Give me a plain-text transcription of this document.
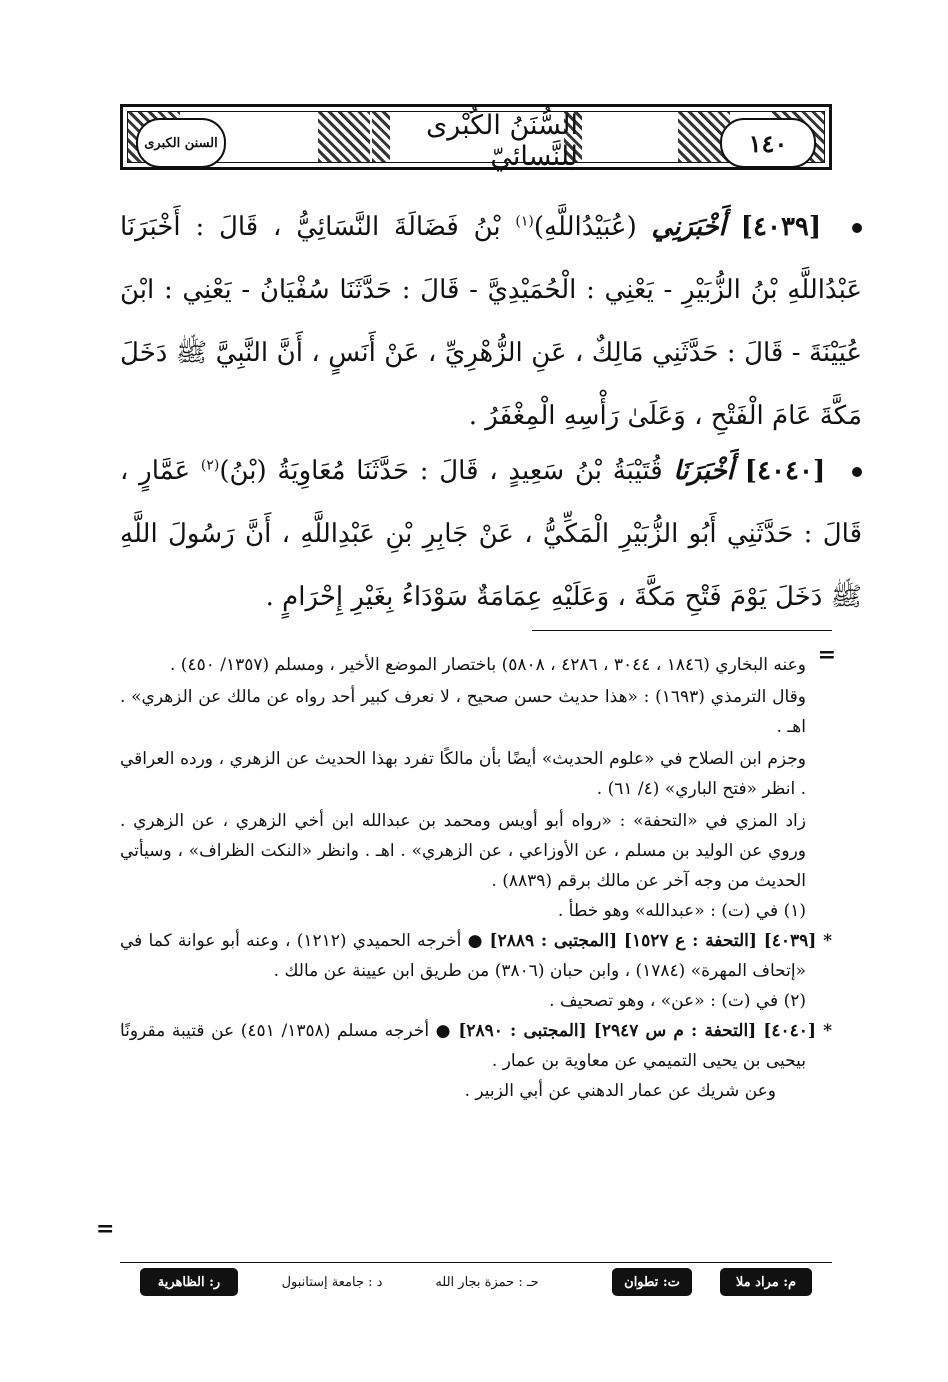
السنن الكبرى
السُّنَنُ الكُبْرى لِلنَّسائيّ	١٤٠
[٤٠٣٩] أَخْبَرَنِي (عُبَيْدُاللَّهِ)$^{(١)}$ بْنُ فَضَالَةَ النَّسَائِيُّ ، قَالَ : أَخْبَرَنَا عَبْدُاللَّهِ بْنُ الزُّبَيْرِ - يَعْنِي : الْحُمَيْدِيَّ - قَالَ : حَدَّثَنَا سُفْيَانُ - يَعْنِي : ابْنَ عُيَيْنَةَ - قَالَ : حَدَّثَنِي مَالِكٌ ، عَنِ الزُّهْرِيِّ ، عَنْ أَنَسٍ ، أَنَّ النَّبِيَّ ﷺ دَخَلَ مَكَّةَ عَامَ الْفَتْحِ ، وَعَلَىٰ رَأْسِهِ الْمِغْفَرُ .
[٤٠٤٠] أَخْبَرَنَا قُتَيْبَةُ بْنُ سَعِيدٍ ، قَالَ : حَدَّثَنَا مُعَاوِيَةُ (بْنُ)$^{(٢)}$ عَمَّارٍ ، قَالَ : حَدَّثَنِي أَبُو الزُّبَيْرِ الْمَكِّيُّ ، عَنْ جَابِرِ بْنِ عَبْدِاللَّهِ ، أَنَّ رَسُولَ اللَّهِ ﷺ دَخَلَ يَوْمَ فَتْحِ مَكَّةَ ، وَعَلَيْهِ عِمَامَةٌ سَوْدَاءُ بِغَيْرِ إِحْرَامٍ .
=

وعنه البخاري (١٨٤٦ ، ٣٠٤٤ ، ٤٢٨٦ ، ٥٨٠٨) باختصار الموضع الأخير ، ومسلم (١٣٥٧/ ٤٥٠) .

وقال الترمذي (١٦٩٣) : «هذا حديث حسن صحيح ، لا نعرف كبير أحد رواه عن مالك عن الزهري» . اهـ .

وجزم ابن الصلاح في «علوم الحديث» أيضًا بأن مالكًا تفرد بهذا الحديث عن الزهري ، ورده العراقي . انظر «فتح الباري» (٤/ ٦١) .

زاد المزي في «التحفة» : «رواه أبو أويس ومحمد بن عبدالله ابن أخي الزهري ، عن الزهري . وروي عن الوليد بن مسلم ، عن الأوزاعي ، عن الزهري» . اهـ . وانظر «النكت الظراف» ، وسيأتي الحديث من وجه آخر عن مالك برقم (٨٨٣٩) .

(١) في (ت) : «عبدالله» وهو خطأ .

* [٤٠٣٩] [التحفة : ع ١٥٢٧] [المجتبى : ٢٨٨٩] ● أخرجه الحميدي (١٢١٢) ، وعنه أبو عوانة كما في «إتحاف المهرة» (١٧٨٤) ، وابن حبان (٣٨٠٦) من طريق ابن عيينة عن مالك .

(٢) في (ت) : «عن» ، وهو تصحيف .

* [٤٠٤٠] [التحفة : م س ٢٩٤٧] [المجتبى : ٢٨٩٠] ● أخرجه مسلم (١٣٥٨/ ٤٥١) عن قتيبة مقرونًا بيحيى بن يحيى التميمي عن معاوية بن عمار .

وعن شريك عن عمار الدهني عن أبي الزبير .

=
م: مراد ملا
ت: تطوان
حـ : حمزة بجار الله
د : جامعة إستانبول
ر: الظاهرية
